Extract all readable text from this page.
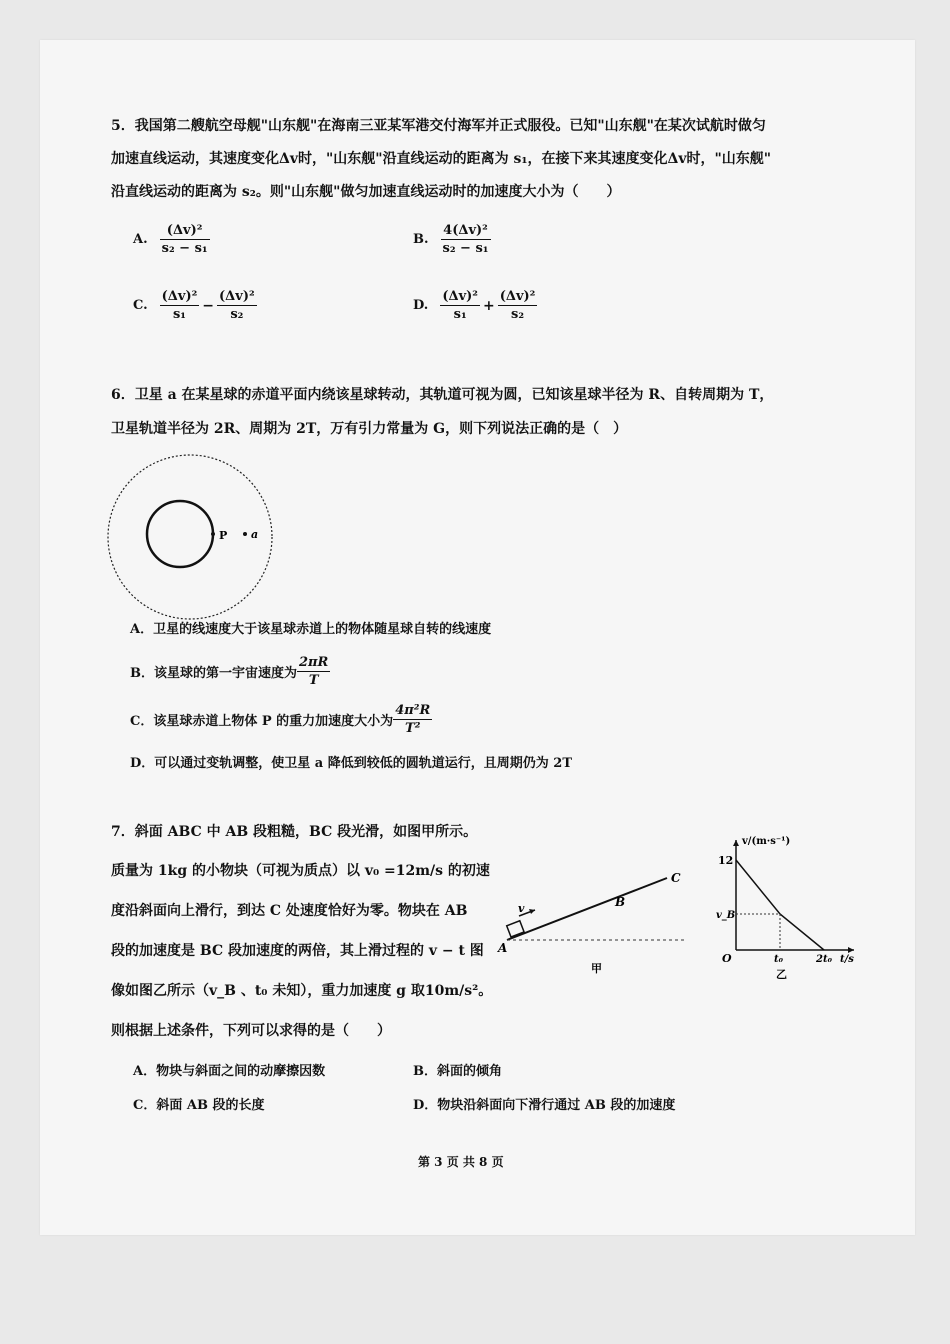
5．我国第二艘航空母舰"山东舰"在海南三亚某军港交付海军并正式服役。已知"山东舰"在某次试航时做匀
加速直线运动，其速度变化Δv时，"山东舰"沿直线运动的距离为 s₁，在接下来其速度变化Δv时，"山东舰"
沿直线运动的距离为 s₂。则"山东舰"做匀加速直线运动时的加速度大小为（　　）
A. $\frac{\text{(Δv)²}}{\text{s₂ − s₁}}$	B. $\frac{\text{4(Δv)²}}{\text{s₂ − s₁}}$
C. $\frac{\text{(Δv)²}}{\text{s₁}} - \frac{\text{(Δv)²}}{\text{s₂}}$	D. $\frac{\text{(Δv)²}}{\text{s₁}} + \frac{\text{(Δv)²}}{\text{s₂}}$
6．卫星 a 在某星球的赤道平面内绕该星球转动，其轨道可视为圆，已知该星球半径为 R、自转周期为 T，
卫星轨道半径为 2R、周期为 2T，万有引力常量为 G，则下列说法正确的是（　）
P a
A．卫星的线速度大于该星球赤道上的物体随星球自转的线速度
B．该星球的第一宇宙速度为 $\frac{2\pi R}{T}$
C．该星球赤道上物体 P 的重力加速度大小为 $\frac{\text{4π²R}}{\text{T²}}$
D．可以通过变轨调整，使卫星 a 降低到较低的圆轨道运行，且周期仍为 2T
7．斜面 ABC 中 AB 段粗糙，BC 段光滑，如图甲所示。
质量为 1kg 的小物块（可视为质点）以 v₀ =12m/s 的初速
度沿斜面向上滑行，到达 C 处速度恰好为零。物块在 AB
段的加速度是 BC 段加速度的两倍，其上滑过程的 v − t 图
像如图乙所示（v_B 、t₀ 未知），重力加速度 g 取10m/s²。
则根据上述条件，下列可以求得的是（　　）
v
A
B
C
甲
v/(m·s⁻¹)
12
v_B
O	t₀	2t₀ t/s
乙
A．物块与斜面之间的动摩擦因数	B．斜面的倾角
C．斜面 AB 段的长度	D．物块沿斜面向下滑行通过 AB 段的加速度
第 3 页 共 8 页
